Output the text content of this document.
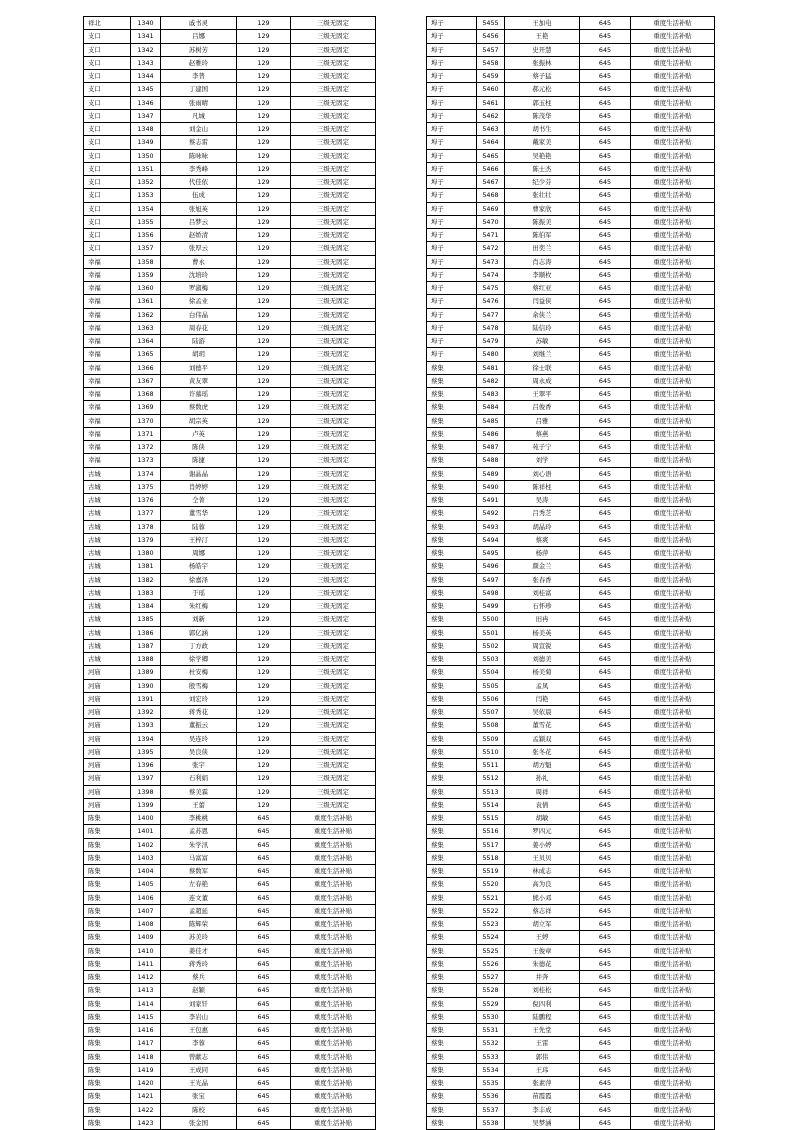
祥北	1340	戚书灵	129	三级无固定
支口	1341	吕娜	129	三级无固定
支口	1342	苏树芳	129	三级无固定
支口	1343	赵雅玲	129	三级无固定
支口	1344	李普	129	三级无固定
支口	1345	丁建国	129	三级无固定
支口	1346	张雨晴	129	三级无固定
支口	1347	凡城	129	三级无固定
支口	1348	刘金山	129	三级无固定
支口	1349	蔡志雷	129	三级无固定
支口	1350	陈咏咏	129	三级无固定
支口	1351	李秀峰	129	三级无固定
支口	1352	代佳依	129	三级无固定
支口	1353	伍成	129	三级无固定
支口	1354	张旭英	129	三级无固定
支口	1355	吕梦云	129	三级无固定
支口	1356	赵娇清	129	三级无固定
支口	1357	张厚云	129	三级无固定
幸福	1358	曹永	129	三级无固定
幸福	1359	沈培玲	129	三级无固定
幸福	1360	罗淑梅	129	三级无固定
幸福	1361	徐孟业	129	三级无固定
幸福	1362	白伟晶	129	三级无固定
幸福	1363	周春花	129	三级无固定
幸福	1364	陆游	129	三级无固定
幸福	1365	胡玥	129	三级无固定
幸福	1366	刘德平	129	三级无固定
幸福	1367	黄友翠	129	三级无固定
幸福	1368	许慕瑶	129	三级无固定
幸福	1369	蔡数虎	129	三级无固定
幸福	1370	胡宗英	129	三级无固定
幸福	1371	卢英	129	三级无固定
幸福	1372	陈侠	129	三级无固定
幸福	1373	陈捷	129	三级无固定
古城	1374	谢晶晶	129	三级无固定
古城	1375	肖婷婷	129	三级无固定
古城	1376	仝菁	129	三级无固定
古城	1377	董雪华	129	三级无固定
古城	1378	陆蓉	129	三级无固定
古城	1379	王梓汀	129	三级无固定
古城	1380	周娜	129	三级无固定
古城	1381	杨皓宇	129	三级无固定
古城	1382	徐嘉泽	129	三级无固定
古城	1383	于瑶	129	三级无固定
古城	1384	朱红梅	129	三级无固定
古城	1385	刘新	129	三级无固定
古城	1386	郭亿涵	129	三级无固定
古城	1387	丁方政	129	三级无固定
古城	1388	徐学卿	129	三级无固定
河庙	1389	杜安梅	129	三级无固定
河庙	1390	殷雪梅	129	三级无固定
河庙	1391	刘宏玲	129	三级无固定
河庙	1392	蒋秀花	129	三级无固定
河庙	1393	董振云	129	三级无固定
河庙	1394	吴连玲	129	三级无固定
河庙	1395	吴良侠	129	三级无固定
河庙	1396	张宇	129	三级无固定
河庙	1397	石利娟	129	三级无固定
河庙	1398	蔡美霖	129	三级无固定
河庙	1399	王蕾	129	三级无固定
陈集	1400	李桃桃	645	重度生活补贴
陈集	1401	孟苏恩	645	重度生活补贴
陈集	1402	朱学汛	645	重度生活补贴
陈集	1403	马富富	645	重度生活补贴
陈集	1404	蔡数军	645	重度生活补贴
陈集	1405	左春艳	645	重度生活补贴
陈集	1406	连文董	645	重度生活补贴
陈集	1407	孟超延	645	重度生活补贴
陈集	1408	陈辉荣	645	重度生活补贴
陈集	1409	苏美玲	645	重度生活补贴
陈集	1410	姜佳才	645	重度生活补贴
陈集	1411	蒋秀玲	645	重度生活补贴
陈集	1412	蔡兵	645	重度生活补贴
陈集	1413	赵颖	645	重度生活补贴
陈集	1414	刘家钎	645	重度生活补贴
陈集	1415	李岩山	645	重度生活补贴
陈集	1416	王包惠	645	重度生活补贴
陈集	1417	李蓉	645	重度生活补贴
陈集	1418	曾献志	645	重度生活补贴
陈集	1419	王成同	645	重度生活补贴
陈集	1420	王光晶	645	重度生活补贴
陈集	1421	张宝	645	重度生活补贴
陈集	1422	陈校	645	重度生活补贴
陈集	1423	张金国	645	重度生活补贴
埠子	5455	王加电	645	重度生活补贴
埠子	5456	王艳	645	重度生活补贴
埠子	5457	史开慧	645	重度生活补贴
埠子	5458	张振林	645	重度生活补贴
埠子	5459	蔡子猛	645	重度生活补贴
埠子	5460	郝元松	645	重度生活补贴
埠子	5461	郭玉柱	645	重度生活补贴
埠子	5462	陈茂华	645	重度生活补贴
埠子	5463	胡书生	645	重度生活补贴
埠子	5464	戴家美	645	重度生活补贴
埠子	5465	吴艳艳	645	重度生活补贴
埠子	5466	陈士杰	645	重度生活补贴
埠子	5467	纪少芬	645	重度生活补贴
埠子	5468	张壮壮	645	重度生活补贴
埠子	5469	曹家欣	645	重度生活补贴
埠子	5470	陈振美	645	重度生活补贴
埠子	5471	陈伯军	645	重度生活补贴
埠子	5472	田奕兰	645	重度生活补贴
埠子	5473	肖志涛	645	重度生活补贴
埠子	5474	李顺枚	645	重度生活补贴
埠子	5475	蔡红亚	645	重度生活补贴
埠子	5476	闫益侠	645	重度生活补贴
埠子	5477	余侠兰	645	重度生活补贴
埠子	5478	陆信玲	645	重度生活补贴
埠子	5479	苏敏	645	重度生活补贴
埠子	5480	刘继兰	645	重度生活补贴
蔡集	5481	徐士联	645	重度生活补贴
蔡集	5482	周永成	645	重度生活补贴
蔡集	5483	王翠平	645	重度生活补贴
蔡集	5484	吕俊香	645	重度生活补贴
蔡集	5485	吕雅	645	重度生活补贴
蔡集	5486	蔡燕	645	重度生活补贴
蔡集	5487	苑子宁	645	重度生活补贴
蔡集	5488	刘学	645	重度生活补贴
蔡集	5489	刘心语	645	重度生活补贴
蔡集	5490	陈祥柱	645	重度生活补贴
蔡集	5491	吴涛	645	重度生活补贴
蔡集	5492	吕秀芝	645	重度生活补贴
蔡集	5493	胡晶玲	645	重度生活补贴
蔡集	5494	蔡爽	645	重度生活补贴
蔡集	5495	杨萍	645	重度生活补贴
蔡集	5496	颜金兰	645	重度生活补贴
蔡集	5497	张春香	645	重度生活补贴
蔡集	5498	刘桂富	645	重度生活补贴
蔡集	5499	石怀珍	645	重度生活补贴
蔡集	5500	田冉	645	重度生活补贴
蔡集	5501	杨美英	645	重度生活补贴
蔡集	5502	周宣锐	645	重度生活补贴
蔡集	5503	刘德美	645	重度生活补贴
蔡集	5504	杨美菊	645	重度生活补贴
蔡集	5505	孟凤	645	重度生活补贴
蔡集	5506	闫艳	645	重度生活补贴
蔡集	5507	吴依晨	645	重度生活补贴
蔡集	5508	董雪花	645	重度生活补贴
蔡集	5509	孟颖双	645	重度生活补贴
蔡集	5510	张冬花	645	重度生活补贴
蔡集	5511	胡方魁	645	重度生活补贴
蔡集	5512	孙礼	645	重度生活补贴
蔡集	5513	周祥	645	重度生活补贴
蔡集	5514	袁倩	645	重度生活补贴
蔡集	5515	胡敏	645	重度生活补贴
蔡集	5516	罗四元	645	重度生活补贴
蔡集	5517	姜小婷	645	重度生活补贴
蔡集	5518	王贝贝	645	重度生活补贴
蔡集	5519	林成志	645	重度生活补贴
蔡集	5520	高为良	645	重度生活补贴
蔡集	5521	熊小邓	645	重度生活补贴
蔡集	5522	蔡志祥	645	重度生活补贴
蔡集	5523	胡立军	645	重度生活补贴
蔡集	5524	王婷	645	重度生活补贴
蔡集	5525	王俊章	645	重度生活补贴
蔡集	5526	朱德花	645	重度生活补贴
蔡集	5527	井奔	645	重度生活补贴
蔡集	5528	刘桂松	645	重度生活补贴
蔡集	5529	倪四利	645	重度生活补贴
蔡集	5530	陆鹏程	645	重度生活补贴
蔡集	5531	王先堂	645	重度生活补贴
蔡集	5532	王雷	645	重度生活补贴
蔡集	5533	郭伟	645	重度生活补贴
蔡集	5534	王玮	645	重度生活补贴
蔡集	5535	张素萍	645	重度生活补贴
蔡集	5536	苗霞霞	645	重度生活补贴
蔡集	5537	李丰成	645	重度生活补贴
蔡集	5538	吴梦涵	645	重度生活补贴
